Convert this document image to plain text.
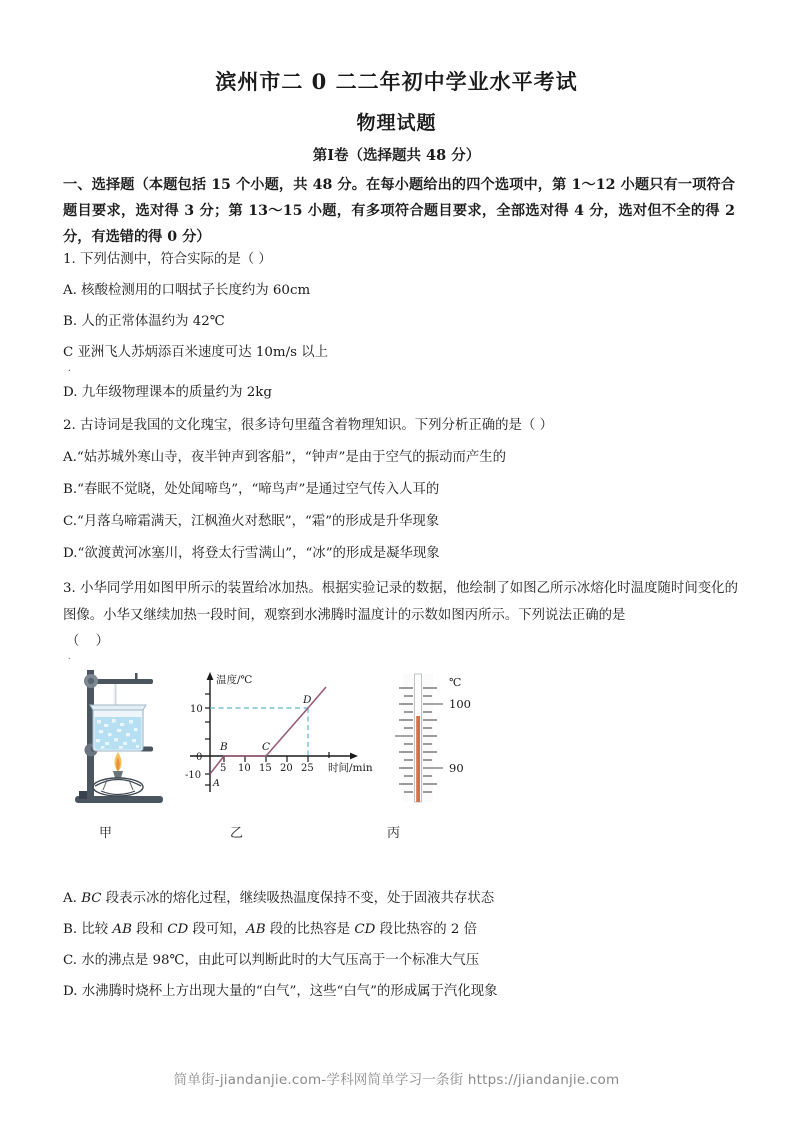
滨州市二 0 二二年初中学业水平考试
物理试题
第Ⅰ卷（选择题共 48 分）
一、选择题（本题包括 15 个小题，共 48 分。在每小题给出的四个选项中，第 1～12 小题只有一项符合题目要求，选对得 3 分；第 13～15 小题，有多项符合题目要求，全部选对得 4 分，选对但不全的得 2 分，有选错的得 0 分）
1. 下列估测中，符合实际的是（ ）
A. 核酸检测用的口咽拭子长度约为 60cm
B. 人的正常体温约为 42℃
C 亚洲飞人苏炳添百米速度可达 10m/s 以上
.
D. 九年级物理课本的质量约为 2kg
2. 古诗词是我国的文化瑰宝，很多诗句里蕴含着物理知识。下列分析正确的是（ ）
A.“姑苏城外寒山寺，夜半钟声到客船”，“钟声”是由于空气的振动而产生的
B.“春眠不觉晓，处处闻啼鸟”，“啼鸟声”是通过空气传入人耳的
C.“月落乌啼霜满天，江枫渔火对愁眠”，“霜”的形成是升华现象
D.“欲渡黄河冰塞川，将登太行雪满山”，“冰”的形成是凝华现象
3. 小华同学用如图甲所示的装置给冰加热。根据实验记录的数据，他绘制了如图乙所示冰熔化时温度随时间变化的图像。小华又继续加热一段时间，观察到水沸腾时温度计的示数如图丙所示。下列说法正确的是
（ ）
.
A
B	C
D
10
0
-10
5 10 15 20 25
温度/℃
时间/min
℃
100
90
甲	乙	丙
A. BC 段表示冰的熔化过程，继续吸热温度保持不变，处于固液共存状态
B. 比较 AB 段和 CD 段可知，AB 段的比热容是 CD 段比热容的 2 倍
C. 水的沸点是 98℃，由此可以判断此时的大气压高于一个标准大气压
D. 水沸腾时烧杯上方出现大量的“白气”，这些“白气”的形成属于汽化现象
简单街-jiandanjie.com-学科网简单学习一条街 https://jiandanjie.com
